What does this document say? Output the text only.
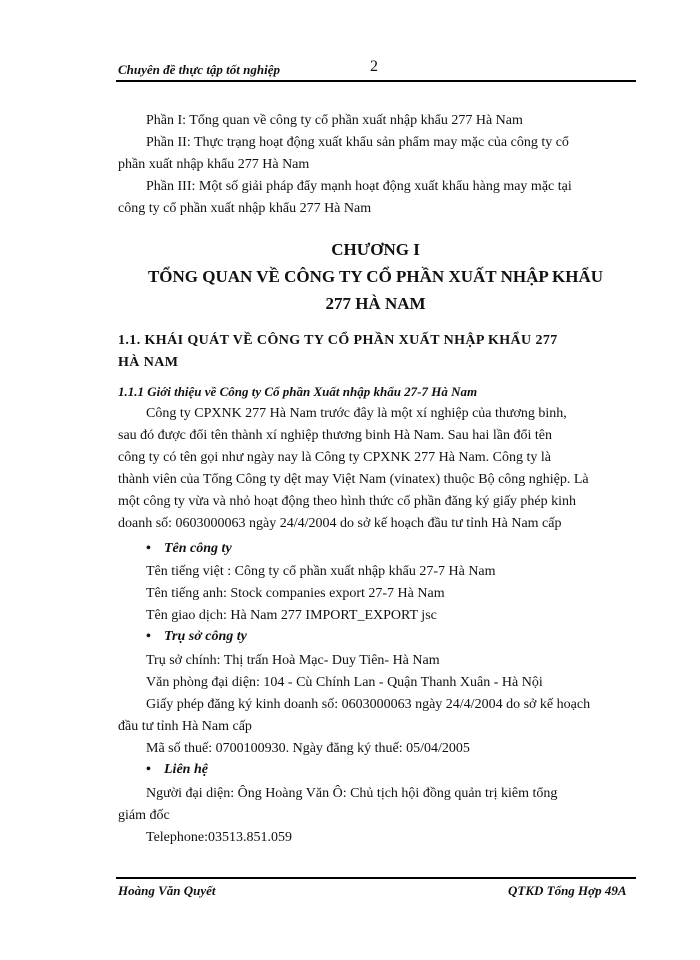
Chuyên đề thực tập tốt nghiệp	2
Phần I: Tổng quan về công ty cổ phần xuất nhập khẩu 277 Hà Nam
Phần II: Thực trạng hoạt động xuất khẩu sản phẩm may mặc của công ty cổ
phần xuất nhập khẩu 277 Hà Nam
Phần III: Một số giải pháp đẩy mạnh hoạt động xuất khẩu hàng may mặc tại
công ty cổ phần xuất nhập khẩu 277 Hà Nam
CHƯƠNG I
TỔNG QUAN VỀ CÔNG TY CỔ PHẦN XUẤT NHẬP KHẨU
277 HÀ NAM
1.1. KHÁI QUÁT VỀ CÔNG TY CỔ PHẦN XUẤT NHẬP KHẨU 277
HÀ NAM
1.1.1 Giới thiệu về Công ty Cổ phần Xuất nhập khẩu 27-7 Hà Nam
Công ty CPXNK 277 Hà Nam trước đây là một xí nghiệp của thương binh,
sau đó được đổi tên thành xí nghiệp thương binh Hà Nam. Sau hai lần đổi tên
công ty có tên gọi như ngày nay là Công ty CPXNK 277 Hà Nam. Công ty là
thành viên của Tổng Công ty dệt may Việt Nam (vinatex) thuộc Bộ công nghiệp. Là
một công ty vừa và nhỏ hoạt động theo hình thức cổ phần đăng ký giấy phép kinh
doanh số: 0603000063 ngày 24/4/2004 do sở kế hoạch đầu tư tỉnh Hà Nam cấp
• Tên công ty
Tên tiếng việt : Công ty cổ phần xuất nhập khẩu 27-7 Hà Nam
Tên tiếng anh: Stock companies export 27-7 Hà Nam
Tên giao dịch: Hà Nam 277 IMPORT_EXPORT jsc
• Trụ sở công ty
Trụ sở chính: Thị trấn Hoà Mạc- Duy Tiên- Hà Nam
Văn phòng đại diện: 104 - Cù Chính Lan - Quận Thanh Xuân - Hà Nội
Giấy phép đăng ký kinh doanh số: 0603000063 ngày 24/4/2004 do sở kế hoạch
đầu tư tỉnh Hà Nam cấp
Mã số thuế: 0700100930. Ngày đăng ký thuế: 05/04/2005
• Liên hệ
Người đại diện: Ông Hoàng Văn Ô: Chủ tịch hội đồng quản trị kiêm tổng
giám đốc
Telephone:03513.851.059
Hoàng Văn Quyết	QTKD Tổng Hợp 49A
